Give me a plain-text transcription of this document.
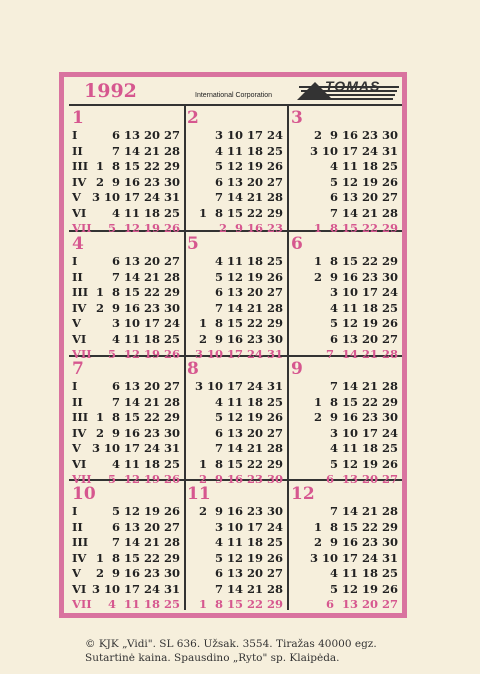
1992	International Corporation
TOMAS
1
I	6 13 20 27
II	7 14 21 28
III 1  8 15 22 29
IV 2  9 16 23 30
V 3 10 17 24 31
VI	4 11 18 25
VII	5  12 19 26
2
3 10 17 24
4 11 18 25
5 12 19 26
6 13 20 27
7 14 21 28
1  8 15 22 29
2  9 16 23
3
2  9 16 23 30
3 10 17 24 31
4 11 18 25
5 12 19 26
6 13 20 27
7 14 21 28
1  8 15 22 29
4
I	6 13 20 27
II	7 14 21 28
III 1  8 15 22 29
IV 2  9 16 23 30
V	3 10 17 24
VI	4 11 18 25
VII	5  12 19 26
5
4 11 18 25
5 12 19 26
6 13 20 27
7 14 21 28
1  8 15 22 29
2  9 16 23 30
3 10 17 24 31
6
1  8 15 22 29
2  9 16 23 30
3 10 17 24
4 11 18 25
5 12 19 26
6 13 20 27
7  14 21 28
7
I	6 13 20 27
II	7 14 21 28
III 1  8 15 22 29
IV 2  9 16 23 30
V 3 10 17 24 31
VI	4 11 18 25
VII	5  12 19 26
8
3 10 17 24 31
4 11 18 25
5 12 19 26
6 13 20 27
7 14 21 28
1  8 15 22 29
2  9 16 23 30
9
7 14 21 28
1  8 15 22 29
2  9 16 23 30
3 10 17 24
4 11 18 25
5 12 19 26
6  13 20 27
10
I	5 12 19 26
II	6 13 20 27
III	7 14 21 28
IV 1  8 15 22 29
V	2  9 16 23 30
VI 3 10 17 24 31
VII	4  11 18 25
11
2  9 16 23 30
3 10 17 24
4 11 18 25
5 12 19 26
6 13 20 27
7 14 21 28
1  8 15 22 29
12
7 14 21 28
1  8 15 22 29
2  9 16 23 30
3 10 17 24 31
4 11 18 25
5 12 19 26
6  13 20 27
© KJK „Vidi". SL 636. Užsak. 3554. Tiražas 40000 egz.
Sutartinė kaina. Spausdino „Ryto" sp. Klaipėda.
